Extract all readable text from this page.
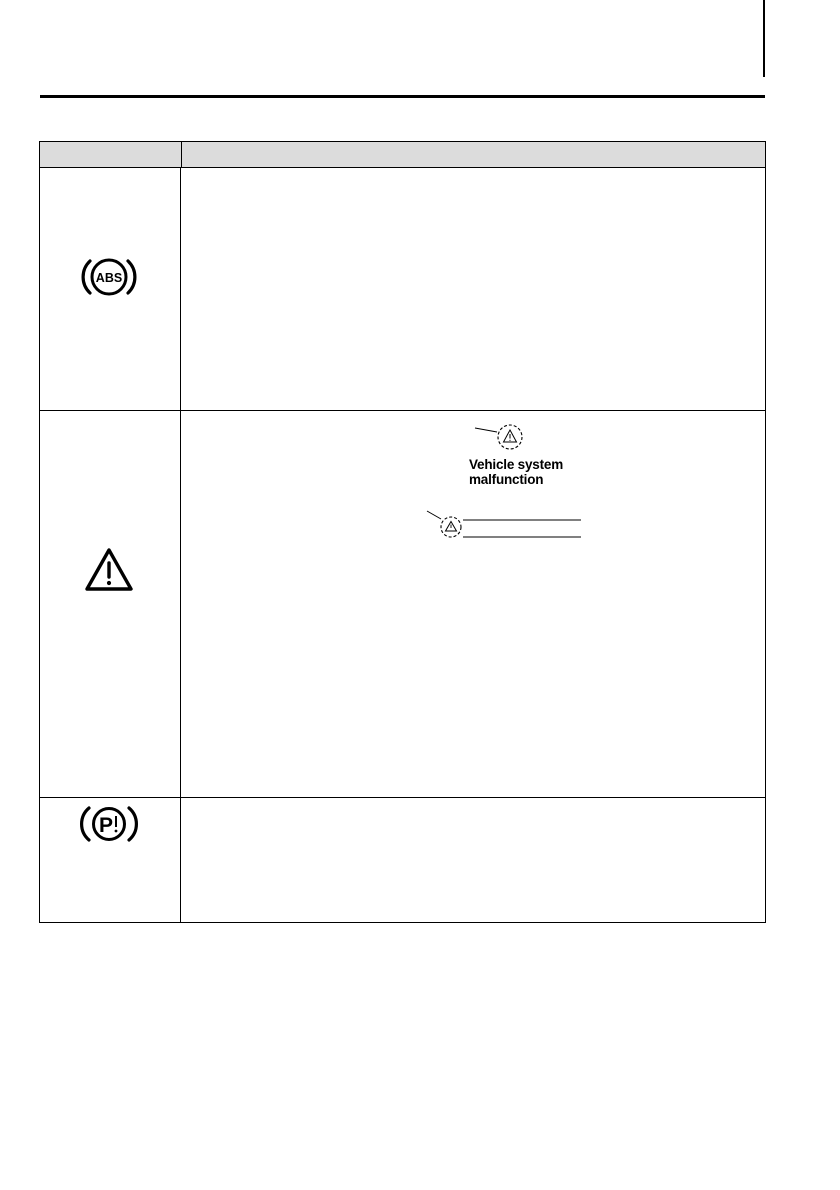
ABS
Vehicle system malfunction
P
